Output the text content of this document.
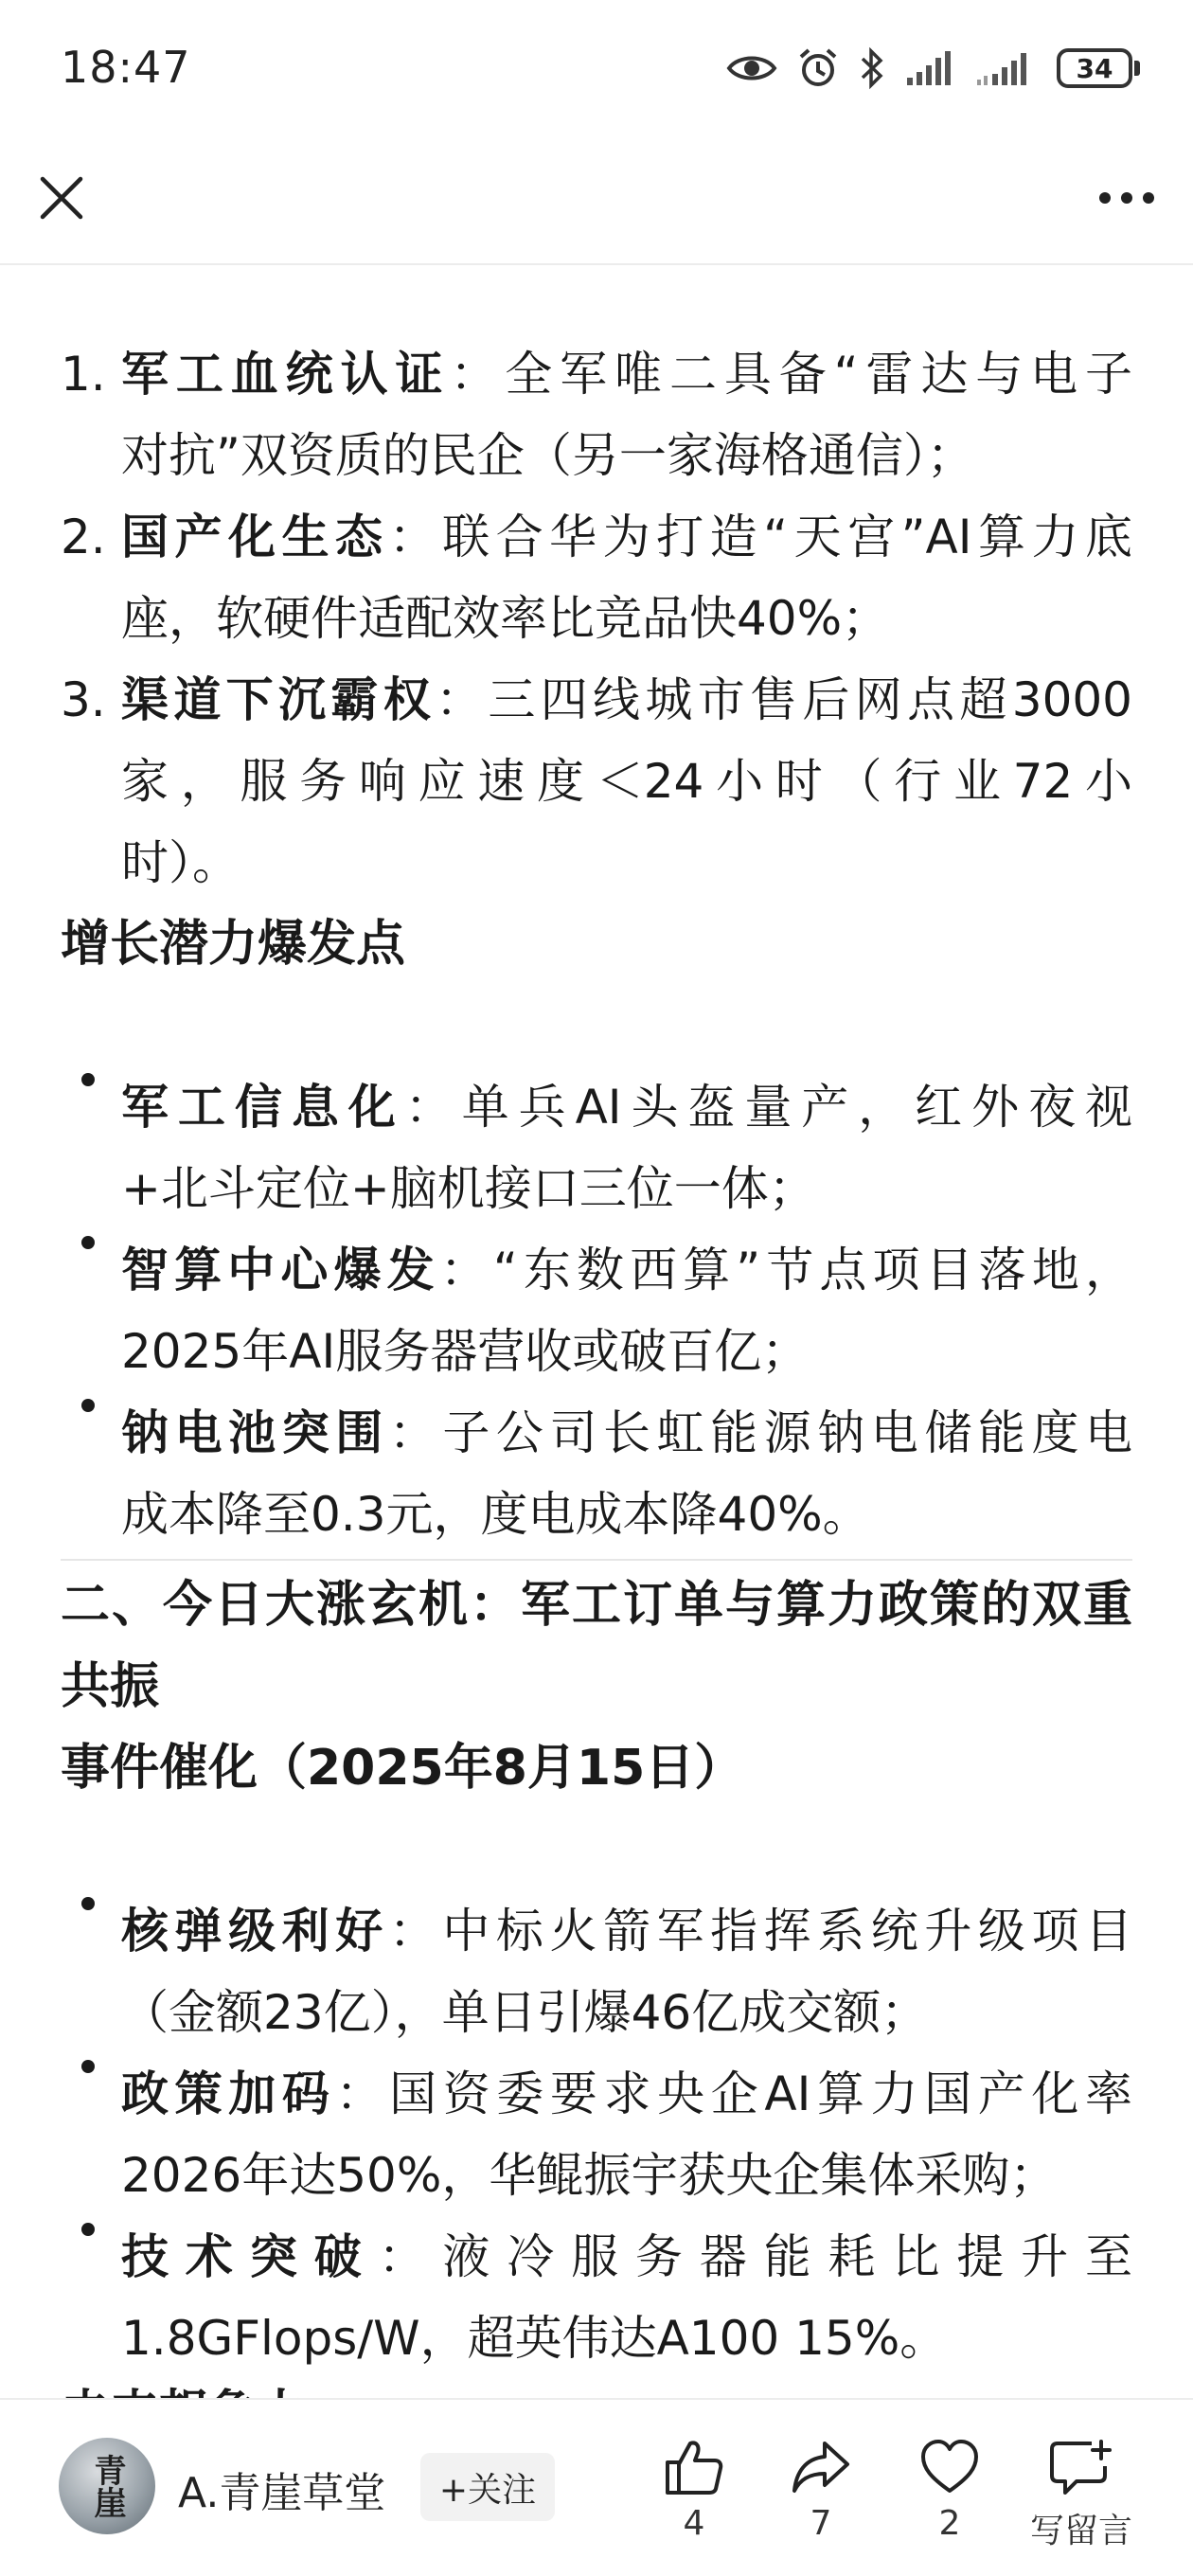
18:47	34
1. 军工血统认证：全军唯二具备“雷达与电子
对抗”双资质的民企（另一家海格通信）；
2. 国产化生态：联合华为打造“天宫”AI算力底
座，软硬件适配效率比竞品快40%；
3. 渠道下沉霸权：三四线城市售后网点超3000
家，服务响应速度＜24小时（行业72小
时）。
增长潜力爆发点
军工信息化：单兵AI头盔量产，红外夜视
+北斗定位+脑机接口三位一体；
智算中心爆发：“东数西算”节点项目落地，
2025年AI服务器营收或破百亿；
钠电池突围：子公司长虹能源钠电储能度电
成本降至0.3元，度电成本降40%。
二、今日大涨玄机：军工订单与算力政策的双重
共振
事件催化（2025年8月15日）
核弹级利好：中标火箭军指挥系统升级项目
（金额23亿），单日引爆46亿成交额；
政策加码：国资委要求央企AI算力国产化率
2026年达50%，华鲲振宇获央企集体采购；
技术突破：液冷服务器能耗比提升至
1.8GFlops/W，超英伟达A100 15%。
青崖 A.青崖草堂	+关注
4	7	2	写留言
